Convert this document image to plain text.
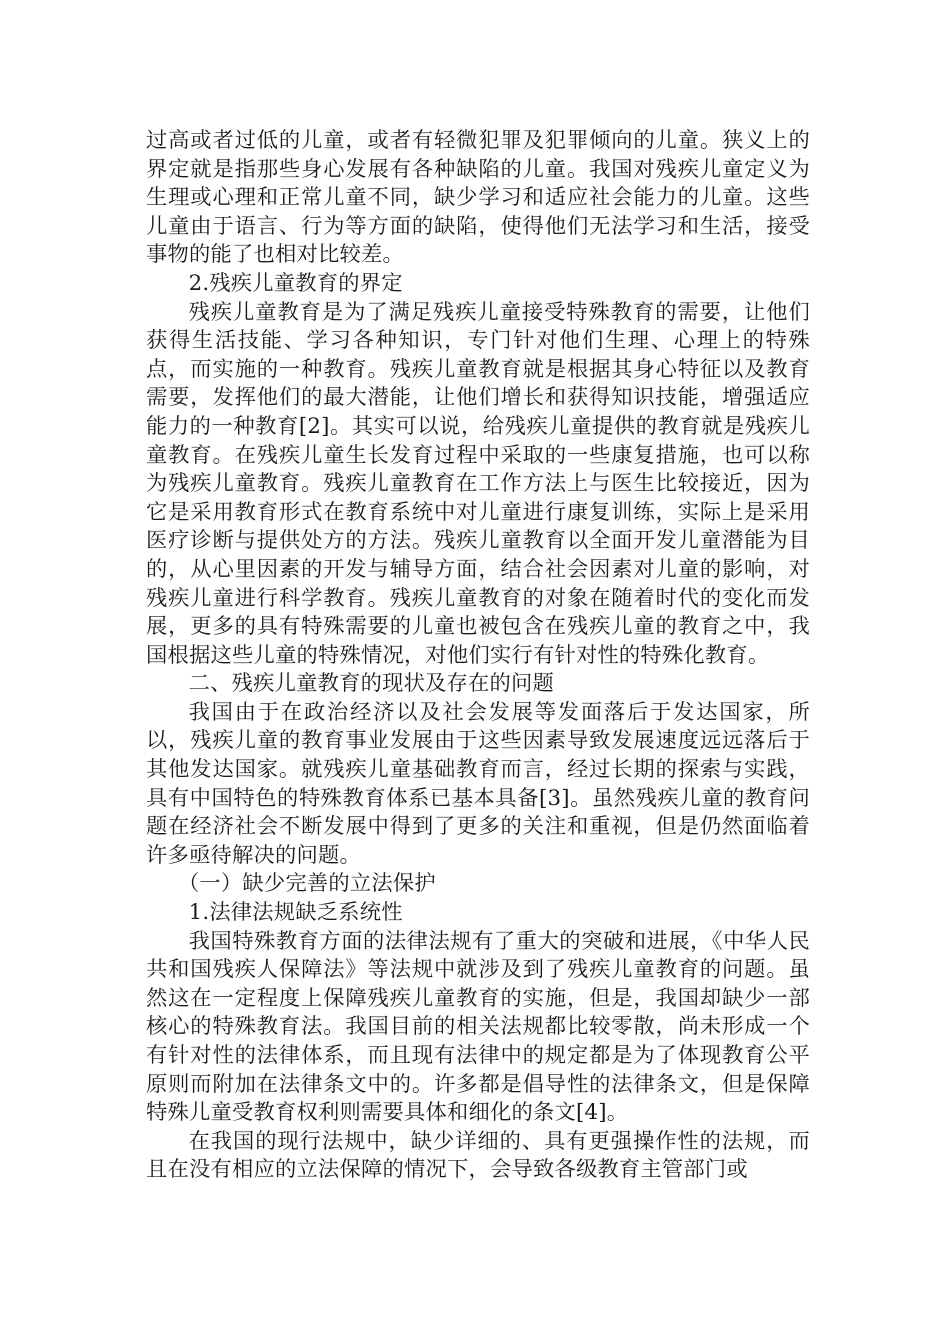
过高或者过低的儿童，或者有轻微犯罪及犯罪倾向的儿童。狭义上的界定就是指那些身心发展有各种缺陷的儿童。我国对残疾儿童定义为生理或心理和正常儿童不同，缺少学习和适应社会能力的儿童。这些儿童由于语言、行为等方面的缺陷，使得他们无法学习和生活，接受事物的能了也相对比较差。

2.残疾儿童教育的界定

残疾儿童教育是为了满足残疾儿童接受特殊教育的需要，让他们获得生活技能、学习各种知识，专门针对他们生理、心理上的特殊点，而实施的一种教育。残疾儿童教育就是根据其身心特征以及教育需要，发挥他们的最大潜能，让他们增长和获得知识技能，增强适应能力的一种教育[2]。其实可以说，给残疾儿童提供的教育就是残疾儿童教育。在残疾儿童生长发育过程中采取的一些康复措施，也可以称为残疾儿童教育。残疾儿童教育在工作方法上与医生比较接近，因为它是采用教育形式在教育系统中对儿童进行康复训练，实际上是采用医疗诊断与提供处方的方法。残疾儿童教育以全面开发儿童潜能为目的，从心里因素的开发与辅导方面，结合社会因素对儿童的影响，对残疾儿童进行科学教育。残疾儿童教育的对象在随着时代的变化而发展，更多的具有特殊需要的儿童也被包含在残疾儿童的教育之中，我国根据这些儿童的特殊情况，对他们实行有针对性的特殊化教育。

二、残疾儿童教育的现状及存在的问题

我国由于在政治经济以及社会发展等发面落后于发达国家，所以，残疾儿童的教育事业发展由于这些因素导致发展速度远远落后于其他发达国家。就残疾儿童基础教育而言，经过长期的探索与实践，具有中国特色的特殊教育体系已基本具备[3]。虽然残疾儿童的教育问题在经济社会不断发展中得到了更多的关注和重视，但是仍然面临着许多亟待解决的问题。

（一）缺少完善的立法保护

1.法律法规缺乏系统性

我国特殊教育方面的法律法规有了重大的突破和进展，《中华人民共和国残疾人保障法》等法规中就涉及到了残疾儿童教育的问题。虽然这在一定程度上保障残疾儿童教育的实施，但是，我国却缺少一部核心的特殊教育法。我国目前的相关法规都比较零散，尚未形成一个有针对性的法律体系，而且现有法律中的规定都是为了体现教育公平原则而附加在法律条文中的。许多都是倡导性的法律条文，但是保障特殊儿童受教育权利则需要具体和细化的条文[4]。

在我国的现行法规中，缺少详细的、具有更强操作性的法规，而且在没有相应的立法保障的情况下，会导致各级教育主管部门或
